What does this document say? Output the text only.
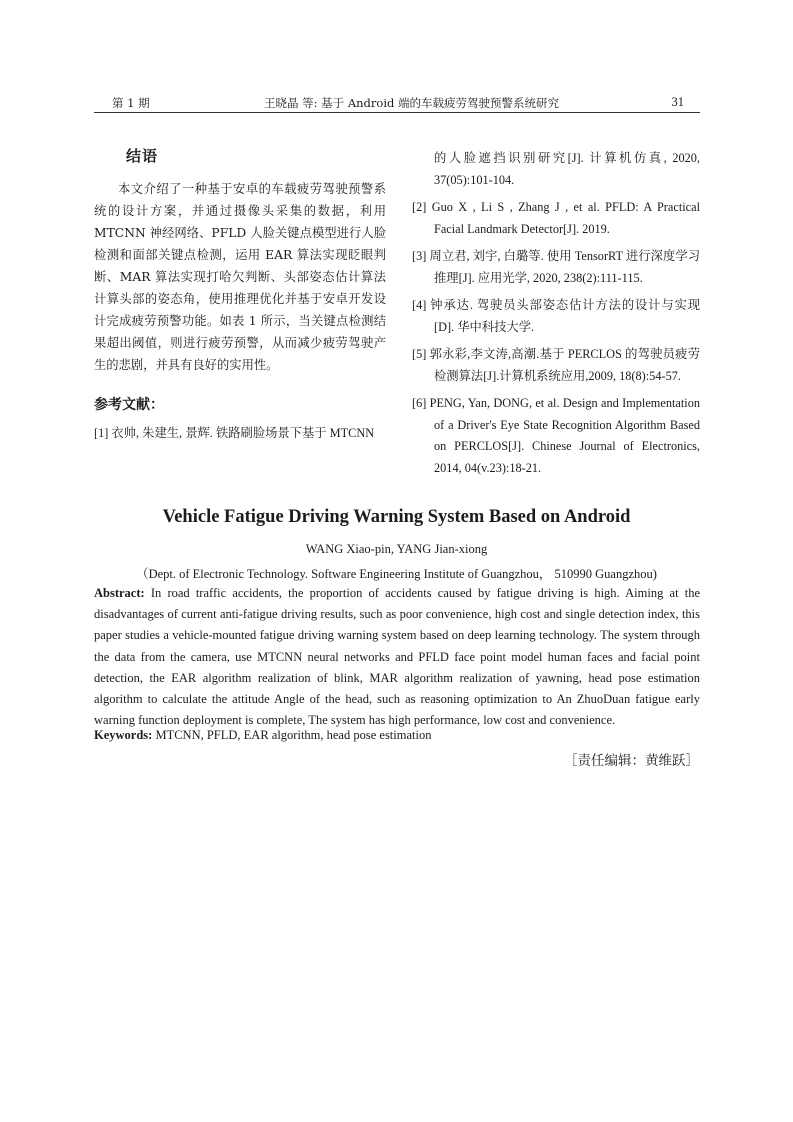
第 1 期	王晓晶 等: 基于 Android 端的车载疲劳驾驶预警系统研究	31
结语

本文介绍了一种基于安卓的车载疲劳驾驶预警系统的设计方案，并通过摄像头采集的数据，利用 MTCNN 神经网络、PFLD 人脸关键点模型进行人脸检测和面部关键点检测，运用 EAR 算法实现眨眼判断、MAR 算法实现打哈欠判断、头部姿态估计算法计算头部的姿态角，使用推理优化并基于安卓开发设计完成疲劳预警功能。如表 1 所示，当关键点检测结果超出阈值，则进行疲劳预警，从而减少疲劳驾驶产生的悲剧，并具有良好的实用性。

参考文献：
[1] 衣帅, 朱建生, 景辉. 铁路刷脸场景下基于 MTCNN
的人脸遮挡识别研究[J]. 计算机仿真, 2020, 37(05):101-104.
[2] Guo X , Li S , Zhang J , et al. PFLD: A Practical Facial Landmark Detector[J]. 2019.
[3] 周立君, 刘宇, 白璐等. 使用 TensorRT 进行深度学习推理[J]. 应用光学, 2020, 238(2):111-115.
[4] 钟承达. 驾驶员头部姿态估计方法的设计与实现[D]. 华中科技大学.
[5] 郭永彩,李文涛,高潮.基于 PERCLOS 的驾驶员疲劳检测算法[J].计算机系统应用,2009, 18(8):54-57.
[6] PENG, Yan, DONG, et al. Design and Implementation of a Driver's Eye State Recognition Algorithm Based on PERCLOS[J]. Chinese Journal of Electronics, 2014, 04(v.23):18-21.
Vehicle Fatigue Driving Warning System Based on Android
WANG Xiao-pin, YANG Jian-xiong
（Dept. of Electronic Technology. Software Engineering Institute of Guangzhou， 510990 Guangzhou)
Abstract: In road traffic accidents, the proportion of accidents caused by fatigue driving is high. Aiming at the disadvantages of current anti-fatigue driving results, such as poor convenience, high cost and single detection index, this paper studies a vehicle-mounted fatigue driving warning system based on deep learning technology. The system through the data from the camera, use MTCNN neural networks and PFLD face point model human faces and facial point detection, the EAR algorithm realization of blink, MAR algorithm realization of yawning, head pose estimation algorithm to calculate the attitude Angle of the head, such as reasoning optimization to An ZhuoDuan fatigue early warning function deployment is complete, The system has high performance, low cost and convenience.
Keywords: MTCNN, PFLD, EAR algorithm, head pose estimation
［责任编辑：黄维跃］
